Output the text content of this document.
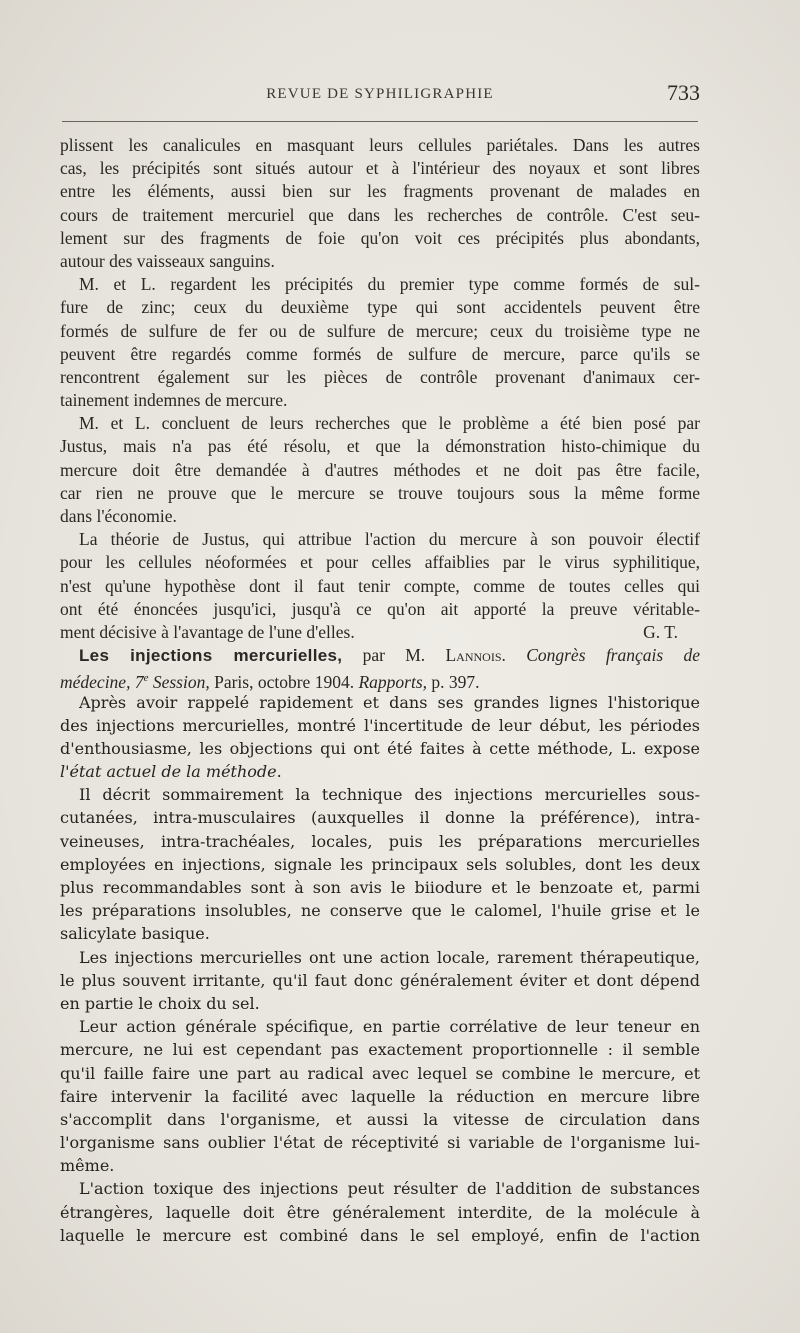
REVUE DE SYPHILIGRAPHIE	733
plissent les canalicules en masquant leurs cellules pariétales. Dans les autres
cas, les précipités sont situés autour et à l'intérieur des noyaux et sont libres
entre les éléments, aussi bien sur les fragments provenant de malades en
cours de traitement mercuriel que dans les recherches de contrôle. C'est seu-
lement sur des fragments de foie qu'on voit ces précipités plus abondants,
autour des vaisseaux sanguins.
M. et L. regardent les précipités du premier type comme formés de sul-
fure de zinc; ceux du deuxième type qui sont accidentels peuvent être
formés de sulfure de fer ou de sulfure de mercure; ceux du troisième type ne
peuvent être regardés comme formés de sulfure de mercure, parce qu'ils se
rencontrent également sur les pièces de contrôle provenant d'animaux cer-
tainement indemnes de mercure.
M. et L. concluent de leurs recherches que le problème a été bien posé par
Justus, mais n'a pas été résolu, et que la démonstration histo-chimique du
mercure doit être demandée à d'autres méthodes et ne doit pas être facile,
car rien ne prouve que le mercure se trouve toujours sous la même forme
dans l'économie.
La théorie de Justus, qui attribue l'action du mercure à son pouvoir électif
pour les cellules néoformées et pour celles affaiblies par le virus syphilitique,
n'est qu'une hypothèse dont il faut tenir compte, comme de toutes celles qui
ont été énoncées jusqu'ici, jusqu'à ce qu'on ait apporté la preuve véritable-
ment décisive à l'avantage de l'une d'elles.	G. T.
Les injections mercurielles, par M. Lannois. Congrès français de
médecine, 7e Session, Paris, octobre 1904. Rapports, p. 397.
Après avoir rappelé rapidement et dans ses grandes lignes l'historique
des injections mercurielles, montré l'incertitude de leur début, les périodes
d'enthousiasme, les objections qui ont été faites à cette méthode, L. expose
l'état actuel de la méthode.
Il décrit sommairement la technique des injections mercurielles sous-
cutanées, intra-musculaires (auxquelles il donne la préférence), intra-
veineuses, intra-trachéales, locales, puis les préparations mercurielles
employées en injections, signale les principaux sels solubles, dont les deux
plus recommandables sont à son avis le biiodure et le benzoate et, parmi
les préparations insolubles, ne conserve que le calomel, l'huile grise et le
salicylate basique.
Les injections mercurielles ont une action locale, rarement thérapeutique,
le plus souvent irritante, qu'il faut donc généralement éviter et dont dépend
en partie le choix du sel.
Leur action générale spécifique, en partie corrélative de leur teneur en
mercure, ne lui est cependant pas exactement proportionnelle : il semble
qu'il faille faire une part au radical avec lequel se combine le mercure, et
faire intervenir la facilité avec laquelle la réduction en mercure libre
s'accomplit dans l'organisme, et aussi la vitesse de circulation dans
l'organisme sans oublier l'état de réceptivité si variable de l'organisme lui-
même.
L'action toxique des injections peut résulter de l'addition de substances
étrangères, laquelle doit être généralement interdite, de la molécule à
laquelle le mercure est combiné dans le sel employé, enfin de l'action
